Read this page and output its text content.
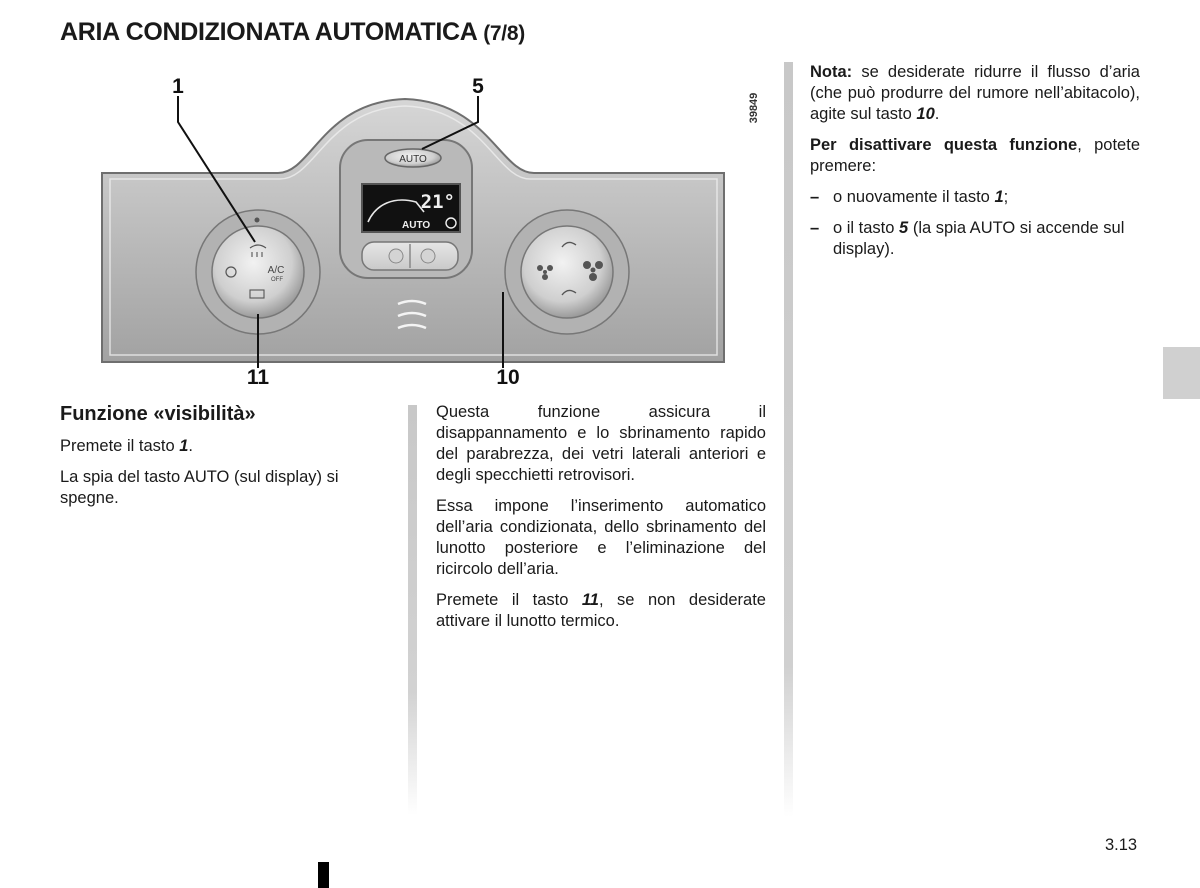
ARIA CONDIZIONATA AUTOMATICA (7/8)
AUTO
21°
AUTO
A/C
OFF
1	5
11	10
39849
Funzione «visibilità»

Premete il tasto 1.

La spia del tasto AUTO (sul display) si spegne.

Questa funzione assicura il disappannamento e lo sbrinamento rapido del parabrezza, dei vetri laterali anteriori e degli specchietti retrovisori.

Essa impone l’inserimento automatico dell’aria condizionata, dello sbrinamento del lunotto posteriore e l’eliminazione del ricircolo dell’aria.

Premete il tasto 11, se non desiderate attivare il lunotto termico.

Nota: se desiderate ridurre il flusso d’aria (che può produrre del rumore nell’abitacolo), agite sul tasto 10.

Per disattivare questa funzione, potete premere:

– o nuovamente il tasto 1;
– o il tasto 5 (la spia AUTO si accende sul display).
3.13
